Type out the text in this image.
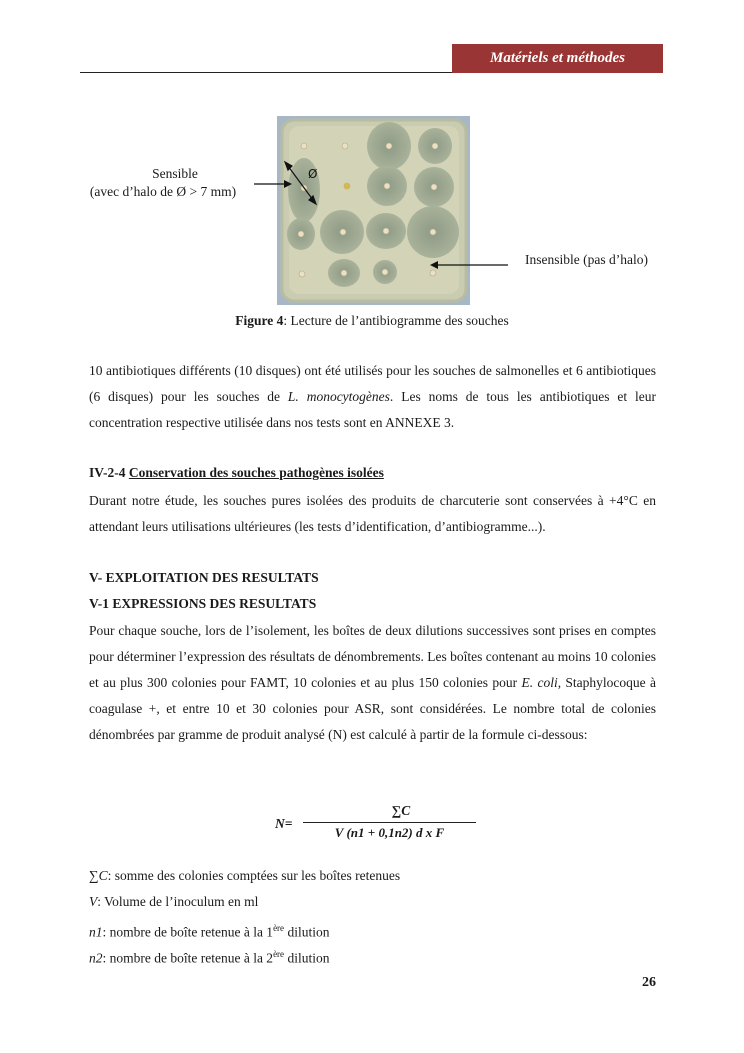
Matériels et méthodes
Ø
Sensible
(avec d’halo de Ø > 7 mm)
Insensible (pas d’halo)
Figure 4: Lecture de l’antibiogramme des souches
10 antibiotiques différents (10 disques) ont été utilisés pour les souches de salmonelles et 6 antibiotiques (6 disques) pour les souches de L. monocytogènes. Les noms de tous les antibiotiques et leur concentration respective utilisée dans nos tests sont en ANNEXE 3.
IV-2-4 Conservation des souches pathogènes isolées
Durant notre étude, les souches pures isolées des produits de charcuterie sont conservées à +4°C en attendant leurs utilisations ultérieures (les tests d’identification, d’antibiogramme...).
V- EXPLOITATION DES RESULTATS
V-1 EXPRESSIONS DES RESULTATS
Pour chaque souche, lors de l’isolement, les boîtes de deux dilutions successives sont prises en comptes pour déterminer l’expression des résultats de dénombrements. Les boîtes contenant au moins 10 colonies et au plus 300 colonies pour FAMT, 10 colonies et au plus 150 colonies pour E. coli, Staphylocoque à coagulase +, et entre 10 et 30 colonies pour ASR, sont considérées. Le nombre total de colonies dénombrées par gramme de produit analysé (N) est calculé à partir de la formule ci-dessous:
N=
∑C
V (n1 + 0,1n2) d x F
∑C: somme des colonies comptées sur les boîtes retenues
V: Volume de l’inoculum en ml
n1: nombre de boîte retenue à la 1ère dilution
n2: nombre de boîte retenue à la 2ère dilution
26
